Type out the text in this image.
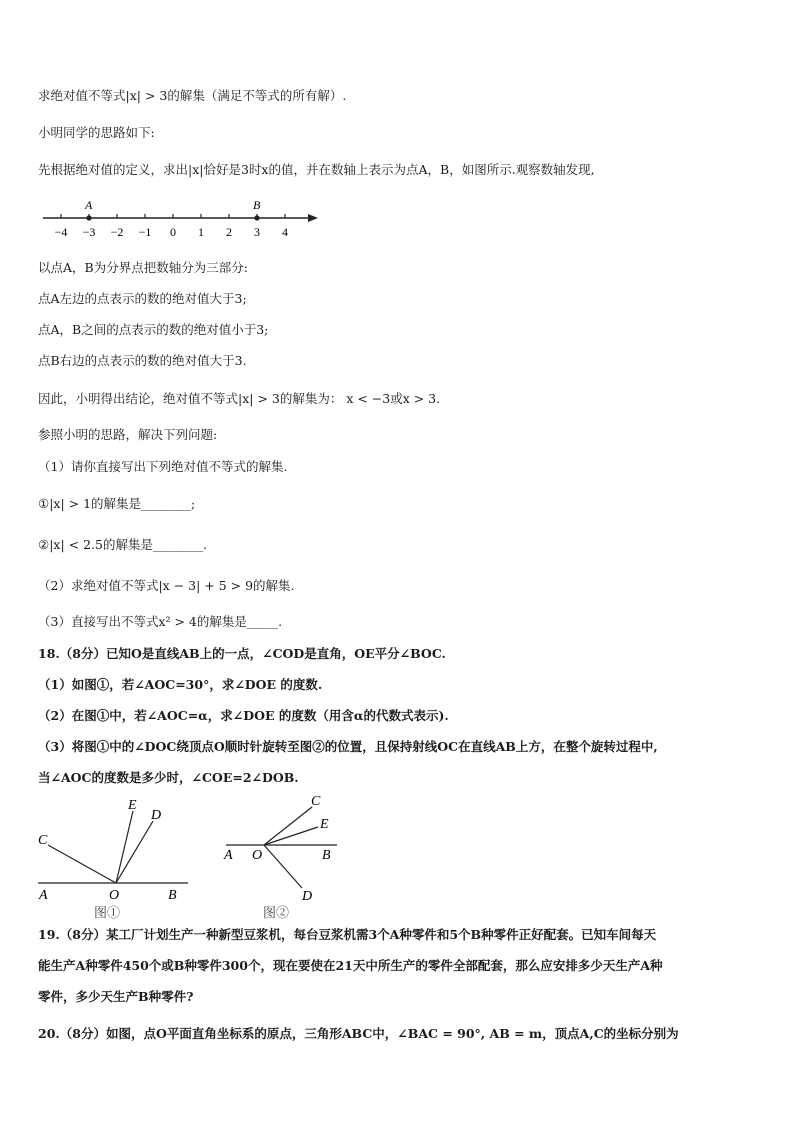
求绝对值不等式|x| > 3的解集（满足不等式的所有解）.
小明同学的思路如下:
先根据绝对值的定义，求出|x|恰好是3时x的值，并在数轴上表示为点A，B，如图所示.观察数轴发现,
−4 −3 −2 −1 0 1 2 3 4
A	B
以点A，B为分界点把数轴分为三部分:
点A左边的点表示的数的绝对值大于3;
点A，B之间的点表示的数的绝对值小于3;
点B右边的点表示的数的绝对值大于3.
因此，小明得出结论，绝对值不等式|x| > 3的解集为： x < −3或x > 3.
参照小明的思路，解决下列问题:
（1）请你直接写出下列绝对值不等式的解集.
①|x| > 1的解集是________;
②|x| < 2.5的解集是________.
（2）求绝对值不等式|x − 3| + 5 > 9的解集.
（3）直接写出不等式x² > 4的解集是_____.
18.（8分）已知O是直线AB上的一点，∠COD是直角，OE平分∠BOC.
（1）如图①，若∠AOC=30°，求∠DOE 的度数.
（2）在图①中，若∠AOC=α，求∠DOE 的度数（用含α的代数式表示).
（3）将图①中的∠DOC绕顶点O顺时针旋转至图②的位置，且保持射线OC在直线AB上方，在整个旋转过程中,
当∠AOC的度数是多少时，∠COE=2∠DOB.
C
E
D
A	O	B
图①
C
E
A O	B
D
图②
19.（8分）某工厂计划生产一种新型豆浆机，每台豆浆机需3个A种零件和5个B种零件正好配套。已知车间每天
能生产A种零件450个或B种零件300个，现在要使在21天中所生产的零件全部配套，那么应安排多少天生产A种
零件，多少天生产B种零件?
20.（8分）如图，点O平面直角坐标系的原点，三角形ABC中，∠BAC = 90°, AB = m，顶点A,C的坐标分别为
